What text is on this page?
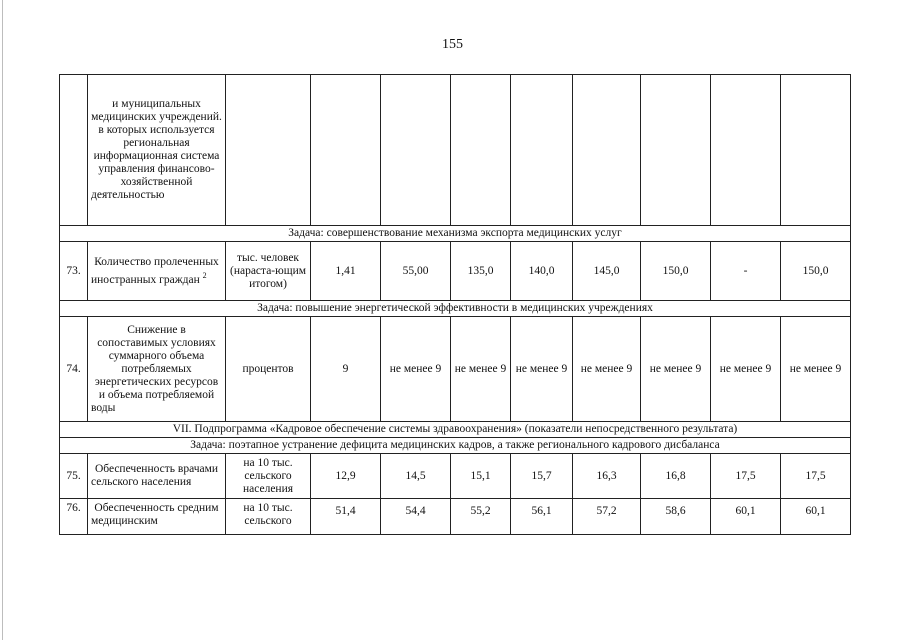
155
	и муниципальных медицинских учреждений. в которых используется региональная информационная система управления финансово-хозяйственной деятельностью									
Задача: совершенствование механизма экспорта медицинских услуг										
73.	Количество пролеченных иностранных граждан $^2$	тыс. человек (нараста-ющим итогом)	1,41	55,00	135,0	140,0	145,0	150,0	-	150,0
Задача: повышение энергетической эффективности в медицинских учреждениях										
74.	Снижение в сопоставимых условиях суммарного объема потребляемых энергетических ресурсов и объема потребляемой воды	процентов	9	не менее 9	не менее 9	не менее 9	не менее 9	не менее 9	не менее 9	не менее 9
VII. Подпрограмма «Кадровое обеспечение системы здравоохранения» (показатели непосредственного результата)										
Задача: поэтапное устранение дефицита медицинских кадров, а также регионального кадрового дисбаланса										
75.	Обеспеченность врачами сельского населения	на 10 тыс. сельского населения	12,9	14,5	15,1	15,7	16,3	16,8	17,5	17,5
76.	Обеспеченность средним медицинским	на 10 тыс. сельского	51,4	54,4	55,2	56,1	57,2	58,6	60,1	60,1
